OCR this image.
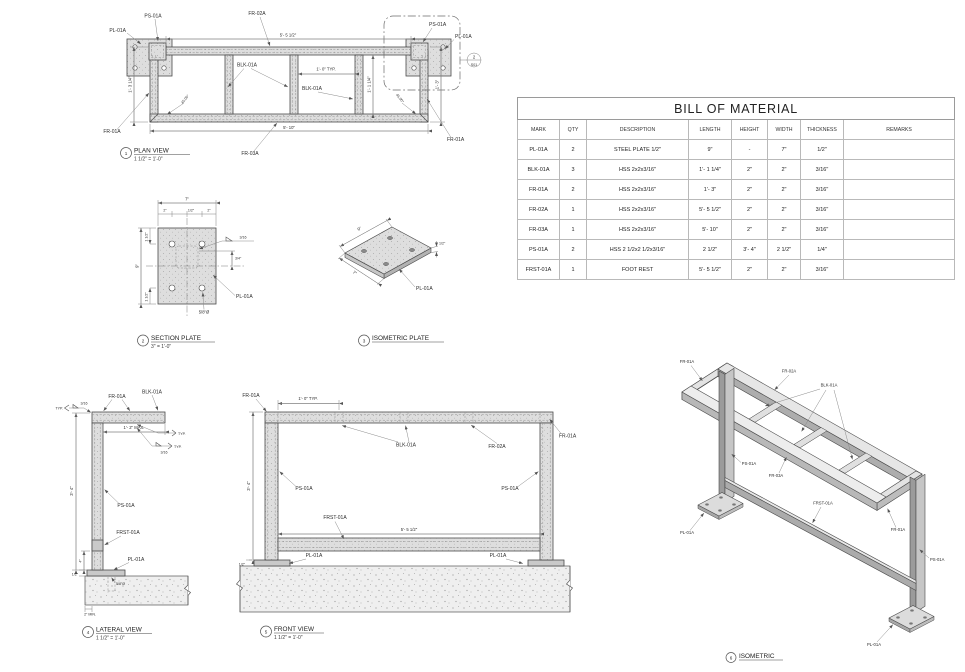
2
S01
5'- 5 1/2"
5'- 10"
1'- 3 1/4"	1'- 1 1/4"	1'- 3"
1'- 0" TYP.
45.00°	45.00°
PL-01A
PS-01A	FR-02A
PS-01A
PL-01A
FR-01A
FR-01A
FR-03A
BLK-01A
BLK-01A
1 PLAN VIEW
1 1/2" = 1'-0"
7"
2"	1/2"	2"
9"
1 1/2"
1 1/2"
3/4"
3/16
5/8"Ø
PL-01A
2 SECTION PLATE
3" = 1'-0"
9"
7"
1/2"
PL-01A
3 ISOMETRIC PLATE
3'- 4"
4"
1/2"
2" MIN.
5/8"Ø
1'- 2" MAX.
TYP.
3/16
TYP.
TYP.
3/16
FR-01A
BLK-01A
PS-01A
FRST-01A
PL-01A
4 LATERAL VIEW
1 1/2" = 1'-0"
1'- 0" TYP.
3'- 4"
5'- 5 1/2"
1/2"
FR-01A
FR-01A
BLK-01A	FR-02A
PS-01A	PS-01A
FRST-01A
PL-01A	PL-01A
5 FRONT VIEW
1 1/2" = 1'-0"
FR-01A
FR-02A
BLK-01A
PS-01A
FR-03A
FRST-01A
FR-01A
PS-01A
PL-01A
PL-01A
6 ISOMETRIC
BILL OF MATERIAL							
MARK	QTY	DESCRIPTION	LENGTH	HEIGHT	WIDTH	THICKNESS	REMARKS
PL-01A	2	STEEL PLATE 1/2"	9"	-	7"	1/2"	
BLK-01A	3	HSS 2x2x3/16"	1'- 1 1/4"	2"	2"	3/16"	
FR-01A	2	HSS 2x2x3/16"	1'- 3"	2"	2"	3/16"	
FR-02A	1	HSS 2x2x3/16"	5'- 5 1/2"	2"	2"	3/16"	
FR-03A	1	HSS 2x2x3/16"	5'- 10"	2"	2"	3/16"	
PS-01A	2	HSS 2 1/2x2 1/2x3/16"	2 1/2"	3'- 4"	2 1/2"	1/4"	
FRST-01A	1	FOOT REST	5'- 5 1/2"	2"	2"	3/16"	
